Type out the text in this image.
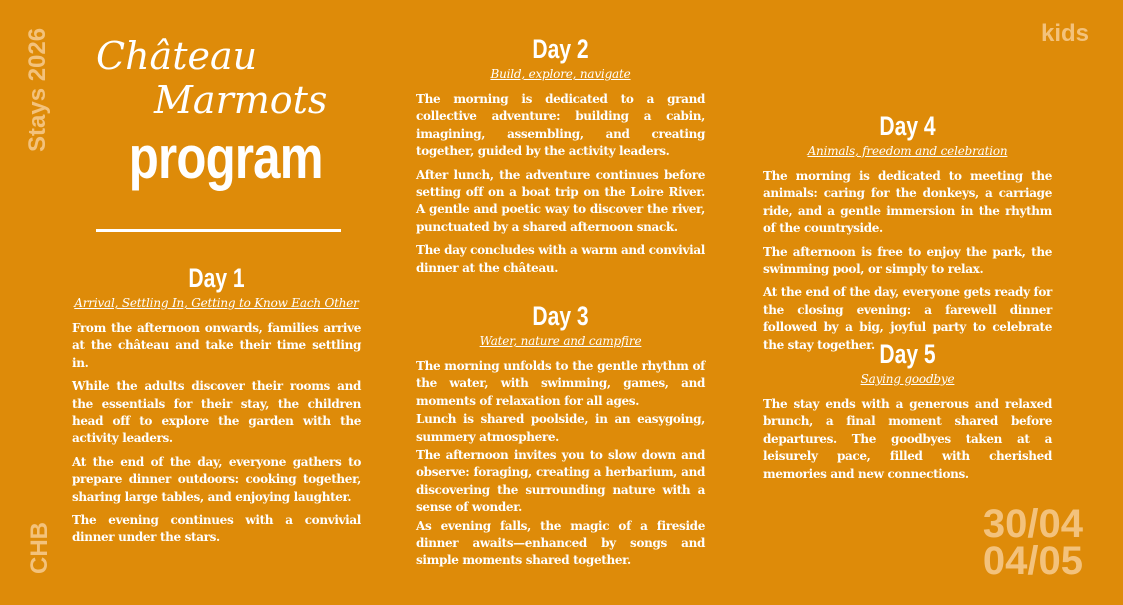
Stays 2026
CHB
kids
30/04
04/05
Château
Marmots
program
Day 1
Arrival, Settling In, Getting to Know Each Other

From the afternoon onwards, families arrive at the château and take their time settling in.

While the adults discover their rooms and the essentials for their stay, the children head off to explore the garden with the activity leaders.

At the end of the day, everyone gathers to prepare dinner outdoors: cooking together, sharing large tables, and enjoying laughter.

The evening continues with a convivial dinner under the stars.

Day 2
Build, explore, navigate

The morning is dedicated to a grand collective adventure: building a cabin, imagining, assembling, and creating together, guided by the activity leaders.

After lunch, the adventure continues before setting off on a boat trip on the Loire River. A gentle and poetic way to discover the river, punctuated by a shared afternoon snack.

The day concludes with a warm and convivial dinner at the château.

Day 3
Water, nature and campfire

The morning unfolds to the gentle rhythm of the water, with swimming, games, and moments of relaxation for all ages.

Lunch is shared poolside, in an easygoing, summery atmosphere.

The afternoon invites you to slow down and observe: foraging, creating a herbarium, and discovering the surrounding nature with a sense of wonder.

As evening falls, the magic of a fireside dinner awaits—enhanced by songs and simple moments shared together.

Day 4
Animals, freedom and celebration

The morning is dedicated to meeting the animals: caring for the donkeys, a carriage ride, and a gentle immersion in the rhythm of the countryside.

The afternoon is free to enjoy the park, the swimming pool, or simply to relax.

At the end of the day, everyone gets ready for the closing evening: a farewell dinner followed by a big, joyful party to celebrate the stay together. Day 5
Saying goodbye

The stay ends with a generous and relaxed brunch, a final moment shared before departures. The goodbyes taken at a leisurely pace, filled with cherished memories and new connections.
